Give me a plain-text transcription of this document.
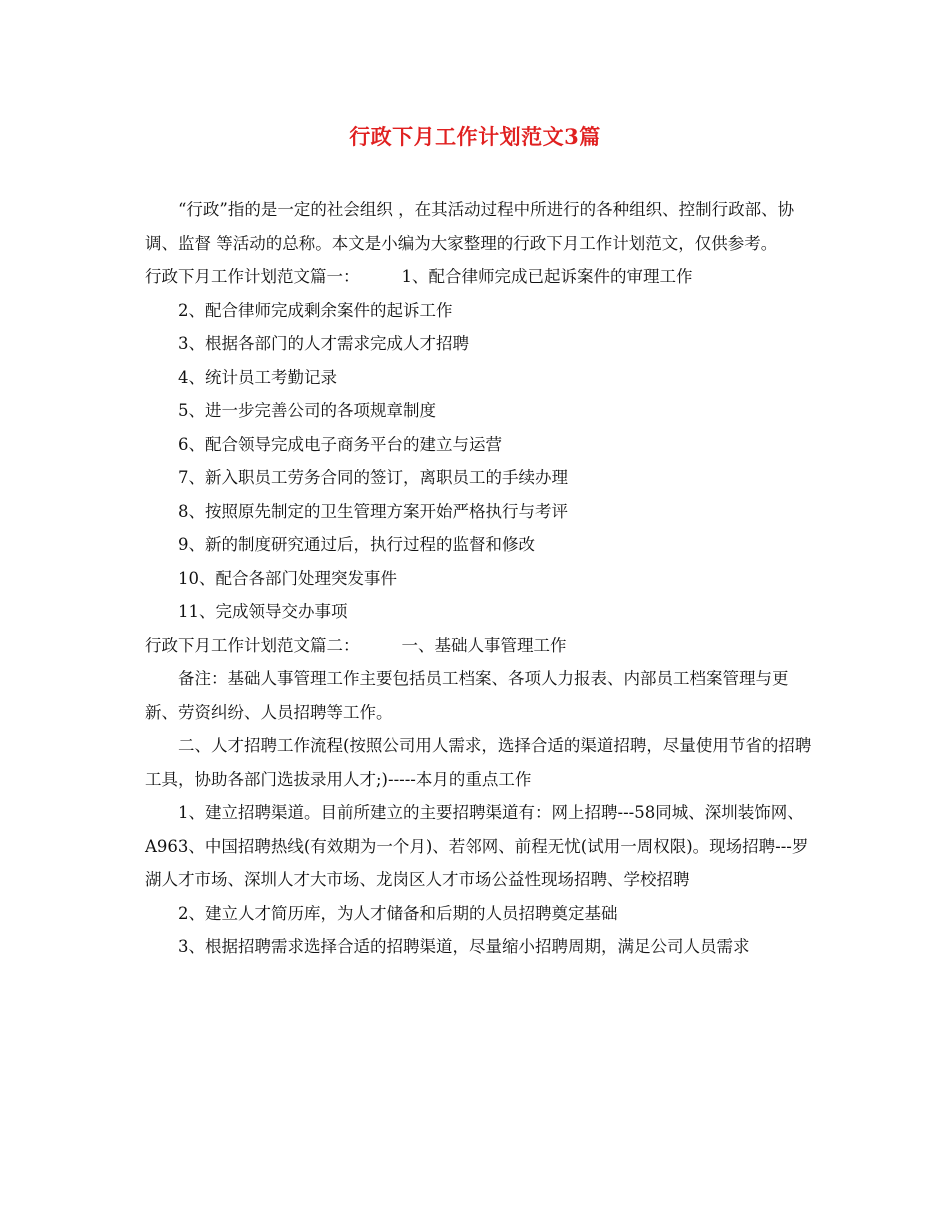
行政下月工作计划范文3篇

“行政”指的是一定的社会组织 ，在其活动过程中所进行的各种组织、控制行政部、协调、监督 等活动的总称。本文是小编为大家整理的行政下月工作计划范文，仅供参考。

行政下月工作计划范文篇一：	1、配合律师完成已起诉案件的审理工作

2、配合律师完成剩余案件的起诉工作

3、根据各部门的人才需求完成人才招聘

4、统计员工考勤记录

5、进一步完善公司的各项规章制度

6、配合领导完成电子商务平台的建立与运营

7、新入职员工劳务合同的签订，离职员工的手续办理

8、按照原先制定的卫生管理方案开始严格执行与考评

9、新的制度研究通过后，执行过程的监督和修改

10、配合各部门处理突发事件

11、完成领导交办事项

行政下月工作计划范文篇二：	一、基础人事管理工作

备注：基础人事管理工作主要包括员工档案、各项人力报表、内部员工档案管理与更新、劳资纠纷、人员招聘等工作。

二、人才招聘工作流程(按照公司用人需求，选择合适的渠道招聘，尽量使用节省的招聘工具，协助各部门选拔录用人才;)-----本月的重点工作

1、建立招聘渠道。目前所建立的主要招聘渠道有：网上招聘---58同城、深圳装饰网、A963、中国招聘热线(有效期为一个月)、若邻网、前程无忧(试用一周权限)。现场招聘---罗湖人才市场、深圳人才大市场、龙岗区人才市场公益性现场招聘、学校招聘

2、建立人才简历库，为人才储备和后期的人员招聘奠定基础

3、根据招聘需求选择合适的招聘渠道，尽量缩小招聘周期，满足公司人员需求
